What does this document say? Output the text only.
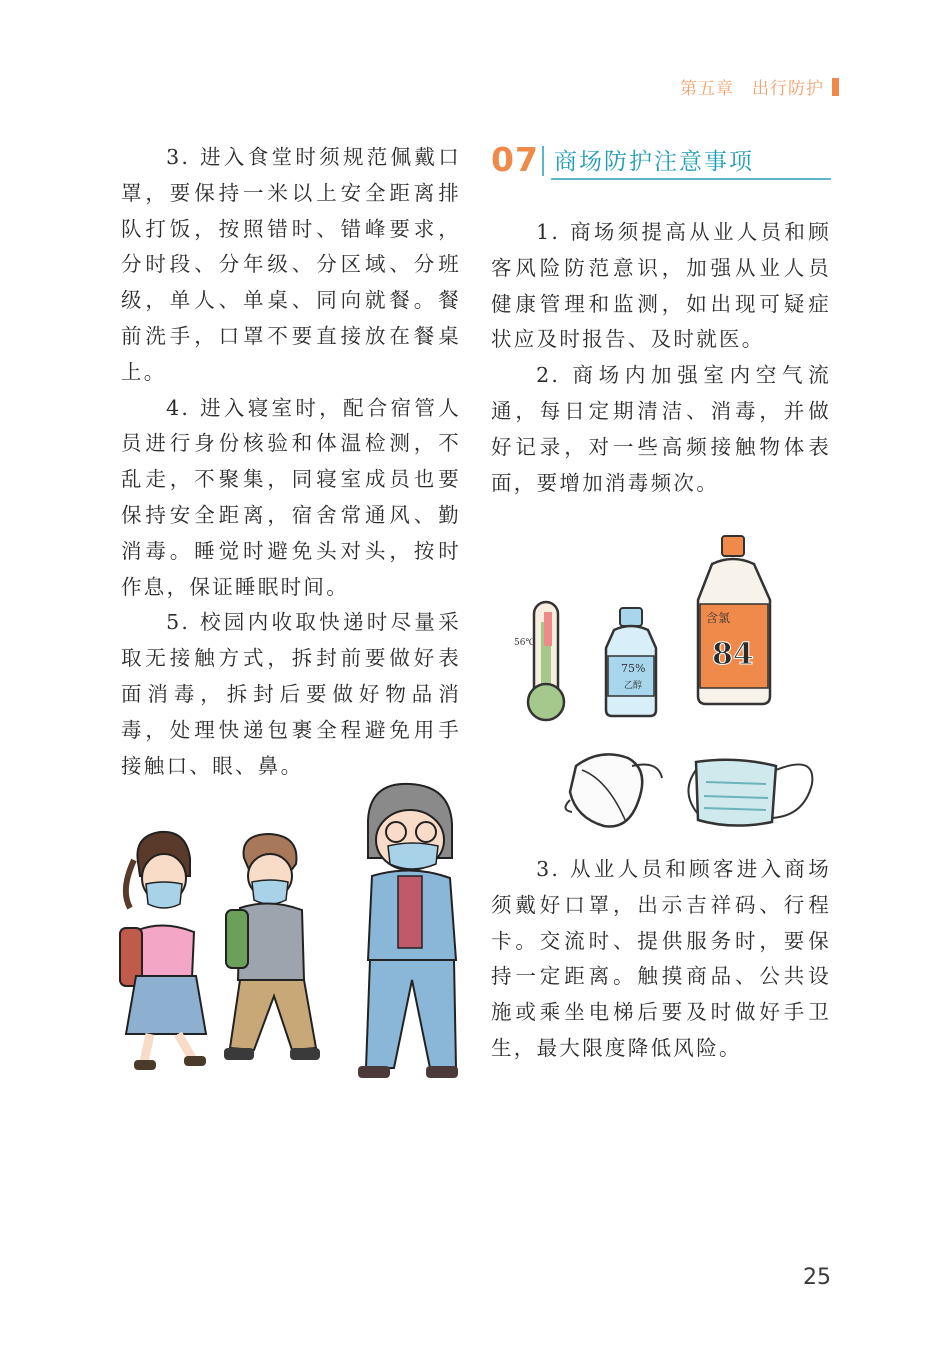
第五章 出行防护

3. 进入食堂时须规范佩戴口罩，要保持一米以上安全距离排队打饭，按照错时、错峰要求，分时段、分年级、分区域、分班级，单人、单桌、同向就餐。餐前洗手，口罩不要直接放在餐桌上。

4. 进入寝室时，配合宿管人员进行身份核验和体温检测，不乱走，不聚集，同寝室成员也要保持安全距离，宿舍常通风、勤消毒。睡觉时避免头对头，按时作息，保证睡眠时间。

5. 校园内收取快递时尽量采取无接触方式，拆封前要做好表面消毒，拆封后要做好物品消毒，处理快递包裹全程避免用手接触口、眼、鼻。

07 商场防护注意事项

1. 商场须提高从业人员和顾客风险防范意识，加强从业人员健康管理和监测，如出现可疑症状应及时报告、及时就医。

2. 商场内加强室内空气流通，每日定期清洁、消毒，并做好记录，对一些高频接触物体表面，要增加消毒频次。

56℃
75%
乙醇
含氯
84

3. 从业人员和顾客进入商场须戴好口罩，出示吉祥码、行程卡。交流时、提供服务时，要保持一定距离。触摸商品、公共设施或乘坐电梯后要及时做好手卫生，最大限度降低风险。

25
